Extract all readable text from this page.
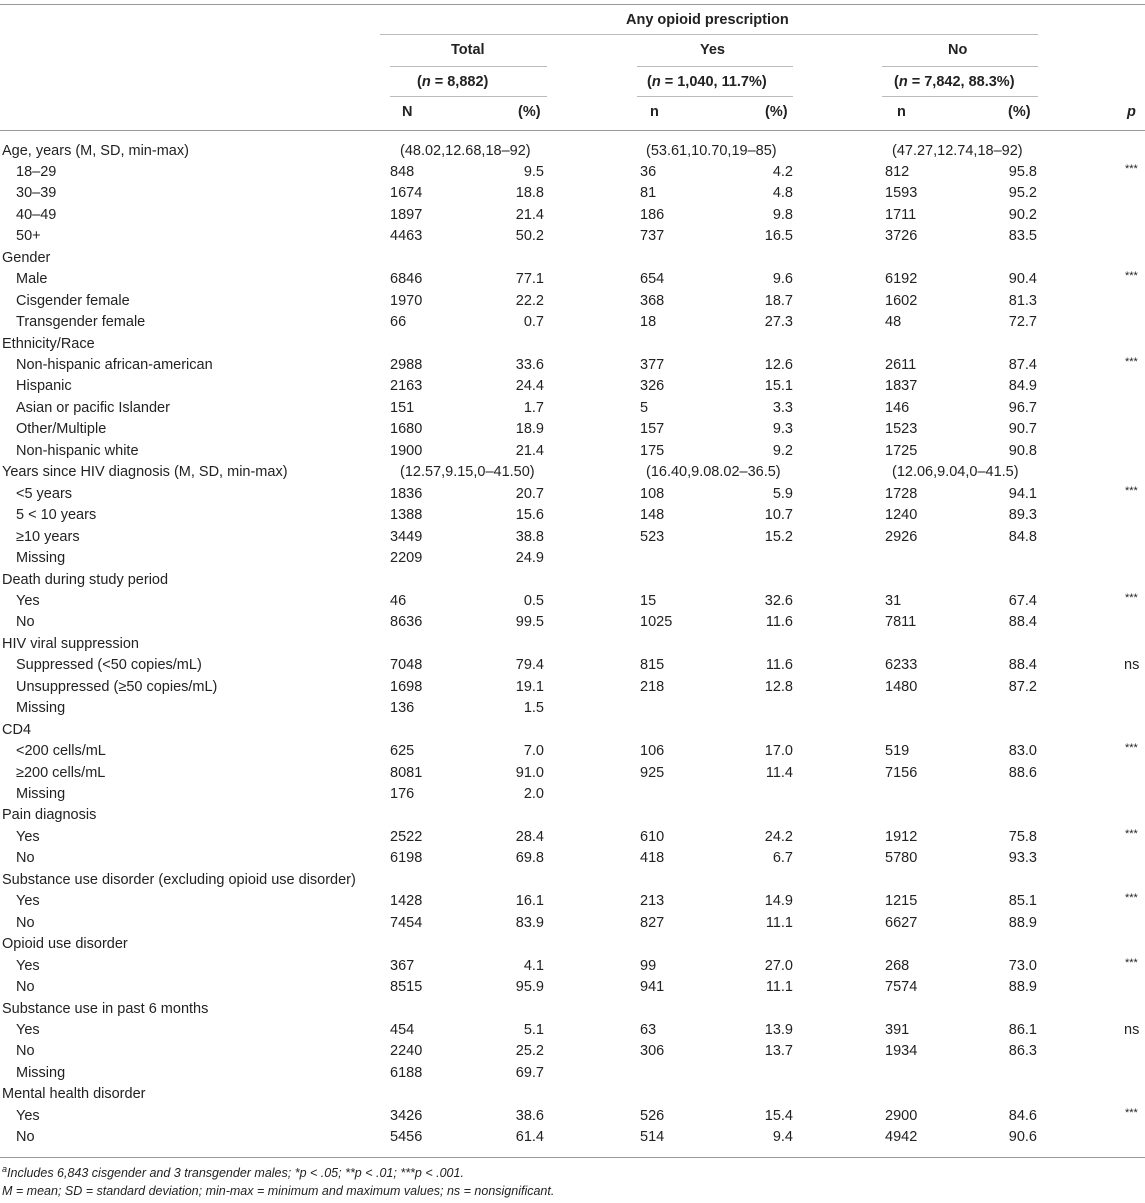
Any opioid prescription
Total	Yes	No
(n = 8,882)	(n = 1,040, 11.7%)	(n = 7,842, 88.3%)
N	(%)	n	(%)	n	(%)	p
Age, years (M, SD, min-max)	(48.02,12.68,18–92)	(53.61,10.70,19–85)	(47.27,12.74,18–92)
18–29	848	9.5	36	4.2	812	95.8	***
30–39	1674	18.8	81	4.8	1593	95.2
40–49	1897	21.4	186	9.8	1711	90.2
50+	4463	50.2	737	16.5	3726	83.5
Gender
Male	6846	77.1	654	9.6	6192	90.4	***
Cisgender female	1970	22.2	368	18.7	1602	81.3
Transgender female	66	0.7	18	27.3	48	72.7
Ethnicity/Race
Non-hispanic african-american	2988	33.6	377	12.6	2611	87.4	***
Hispanic	2163	24.4	326	15.1	1837	84.9
Asian or pacific Islander	151	1.7	5	3.3	146	96.7
Other/Multiple	1680	18.9	157	9.3	1523	90.7
Non-hispanic white	1900	21.4	175	9.2	1725	90.8
Years since HIV diagnosis (M, SD, min-max)	(12.57,9.15,0–41.50)	(16.40,9.08.02–36.5)	(12.06,9.04,0–41.5)
<5 years	1836	20.7	108	5.9	1728	94.1	***
5 < 10 years	1388	15.6	148	10.7	1240	89.3
≥10 years	3449	38.8	523	15.2	2926	84.8
Missing	2209	24.9
Death during study period
Yes	46	0.5	15	32.6	31	67.4	***
No	8636	99.5	1025	11.6	7811	88.4
HIV viral suppression
Suppressed (<50 copies/mL)	7048	79.4	815	11.6	6233	88.4	ns
Unsuppressed (≥50 copies/mL)	1698	19.1	218	12.8	1480	87.2
Missing	136	1.5
CD4
<200 cells/mL	625	7.0	106	17.0	519	83.0	***
≥200 cells/mL	8081	91.0	925	11.4	7156	88.6
Missing	176	2.0
Pain diagnosis
Yes	2522	28.4	610	24.2	1912	75.8	***
No	6198	69.8	418	6.7	5780	93.3
Substance use disorder (excluding opioid use disorder)
Yes	1428	16.1	213	14.9	1215	85.1	***
No	7454	83.9	827	11.1	6627	88.9
Opioid use disorder
Yes	367	4.1	99	27.0	268	73.0	***
No	8515	95.9	941	11.1	7574	88.9
Substance use in past 6 months
Yes	454	5.1	63	13.9	391	86.1	ns
No	2240	25.2	306	13.7	1934	86.3
Missing	6188	69.7
Mental health disorder
Yes	3426	38.6	526	15.4	2900	84.6	***
No	5456	61.4	514	9.4	4942	90.6
$^a$Includes 6,843 cisgender and 3 transgender males; *p < .05; **p < .01; ***p < .001.
M = mean; SD = standard deviation; min-max = minimum and maximum values; ns = nonsignificant.
